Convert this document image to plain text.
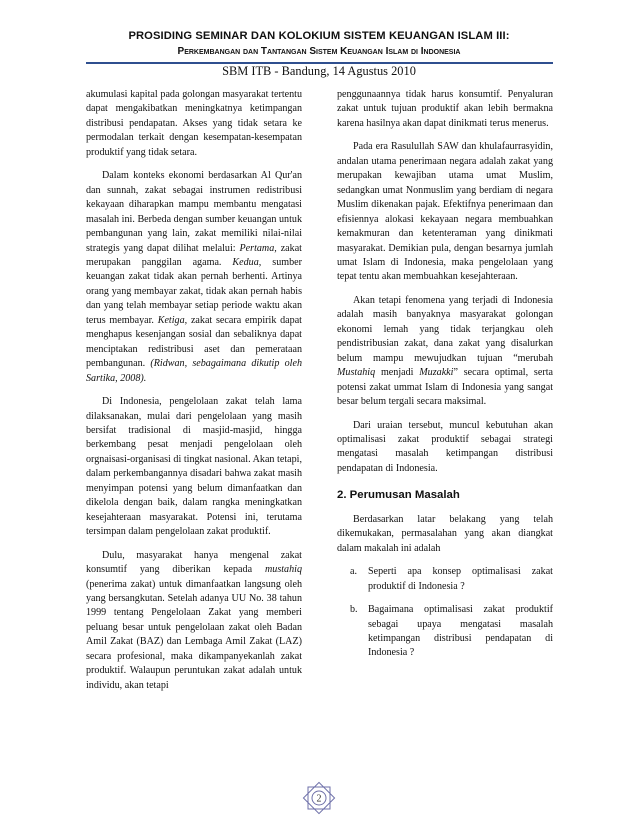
PROSIDING SEMINAR DAN KOLOKIUM SISTEM KEUANGAN ISLAM III:
Perkembangan dan Tantangan Sistem Keuangan Islam di Indonesia
SBM ITB - Bandung, 14 Agustus 2010

akumulasi kapital pada golongan masyarakat tertentu dapat mengakibatkan meningkatnya ketimpangan distribusi pendapatan. Akses yang tidak setara ke permodalan terkait dengan kesempatan-kesempatan produktif yang tidak setara.

Dalam konteks ekonomi berdasarkan Al Qur'an dan sunnah, zakat sebagai instrumen redistribusi kekayaan diharapkan mampu membantu mengatasi masalah ini. Berbeda dengan sumber keuangan untuk pembangunan yang lain, zakat memiliki nilai-nilai strategis yang dapat dilihat melalui: Pertama, zakat merupakan panggilan agama. Kedua, sumber keuangan zakat tidak akan pernah berhenti. Artinya orang yang membayar zakat, tidak akan pernah habis dan yang telah membayar setiap periode waktu akan terus membayar. Ketiga, zakat secara empirik dapat menghapus kesenjangan sosial dan sebaliknya dapat menciptakan redistribusi aset dan pemerataan pembangunan. (Ridwan, sebagaimana dikutip oleh Sartika, 2008).

Di Indonesia, pengelolaan zakat telah lama dilaksanakan, mulai dari pengelolaan yang masih bersifat tradisional di masjid-masjid, hingga berkembang pesat menjadi pengelolaan oleh orgnaisasi-organisasi di tingkat nasional. Akan tetapi, dalam perkembangannya disadari bahwa zakat masih menyimpan potensi yang belum dimanfaatkan dan dikelola dengan baik, dalam rangka meningkatkan kesejahteraan masyarakat. Potensi ini, terutama tersimpan dalam pengelolaan zakat produktif.

Dulu, masyarakat hanya mengenal zakat konsumtif yang diberikan kepada mustahiq (penerima zakat) untuk dimanfaatkan langsung oleh yang bersangkutan. Setelah adanya UU No. 38 tahun 1999 tentang Pengelolaan Zakat yang memberi peluang besar untuk pengelolaan zakat oleh Badan Amil Zakat (BAZ) dan Lembaga Amil Zakat (LAZ) secara profesional, maka dikampanyekanlah zakat produktif. Walaupun peruntukan zakat adalah untuk individu, akan tetapi

penggunaannya tidak harus konsumtif. Penyaluran zakat untuk tujuan produktif akan lebih bermakna karena hasilnya akan dapat dinikmati terus menerus.

Pada era Rasulullah SAW dan khulafaurrasyidin, andalan utama penerimaan negara adalah zakat yang merupakan kewajiban utama umat Muslim, sedangkan umat Nonmuslim yang berdiam di negara Muslim dikenakan pajak. Efektifnya penerimaan dan efisiennya alokasi kekayaan negara membuahkan kemakmuran dan ketenteraman yang dinikmati masyarakat. Demikian pula, dengan besarnya jumlah umat Islam di Indonesia, maka pengelolaan yang tepat tentu akan membuahkan kesejahteraan.

Akan tetapi fenomena yang terjadi di Indonesia adalah masih banyaknya masyarakat golongan ekonomi lemah yang tidak terjangkau oleh pendistribusian zakat, dana zakat yang disalurkan belum mampu mewujudkan tujuan “merubah Mustahiq menjadi Muzakki” secara optimal, serta potensi zakat ummat Islam di Indonesia yang sangat besar belum tergali secara maksimal.

Dari uraian tersebut, muncul kebutuhan akan optimalisasi zakat produktif sebagai strategi mengatasi masalah ketimpangan distribusi pendapatan di Indonesia.

2. Perumusan Masalah

Berdasarkan latar belakang yang telah dikemukakan, permasalahan yang akan diangkat dalam makalah ini adalah

a. Seperti apa konsep optimalisasi zakat produktif di Indonesia ?
b. Bagaimana optimalisasi zakat produktif sebagai upaya mengatasi masalah ketimpangan distribusi pendapatan di Indonesia ?
2
